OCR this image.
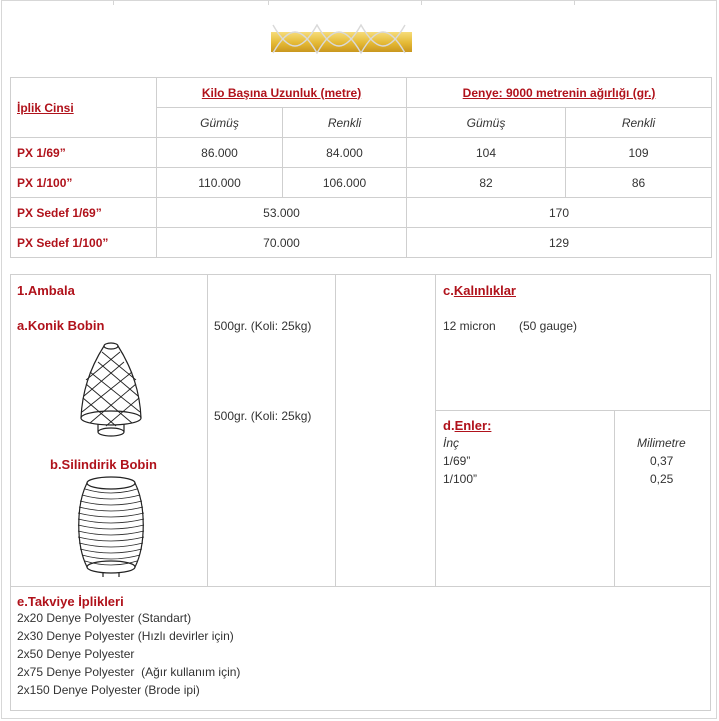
İplik Cinsi	Kilo Başına Uzunluk (metre)		Denye: 9000 metrenin ağırlığı (gr.)	
	Gümüş	Renkli	Gümüş	Renkli
PX 1/69”	86.000	84.000	104	109
PX 1/100”	110.000	106.000	82	86
PX Sedef 1/69”	53.000		170	
PX Sedef 1/100”	70.000		129	
1.Ambala
a.Konik Bobin
b.Silindirik Bobin
500gr. (Koli: 25kg)
500gr. (Koli: 25kg)
c.Kalınlıklar
12 micron (50 gauge)
d.Enler:
İnç	Milimetre
1/69”	0,37
1/100”	0,25
e.Takviye İplikleri
2x20 Denye Polyester (Standart)
2x30 Denye Polyester (Hızlı devirler için)
2x50 Denye Polyester
2x75 Denye Polyester  (Ağır kullanım için)
2x150 Denye Polyester (Brode ipi)
